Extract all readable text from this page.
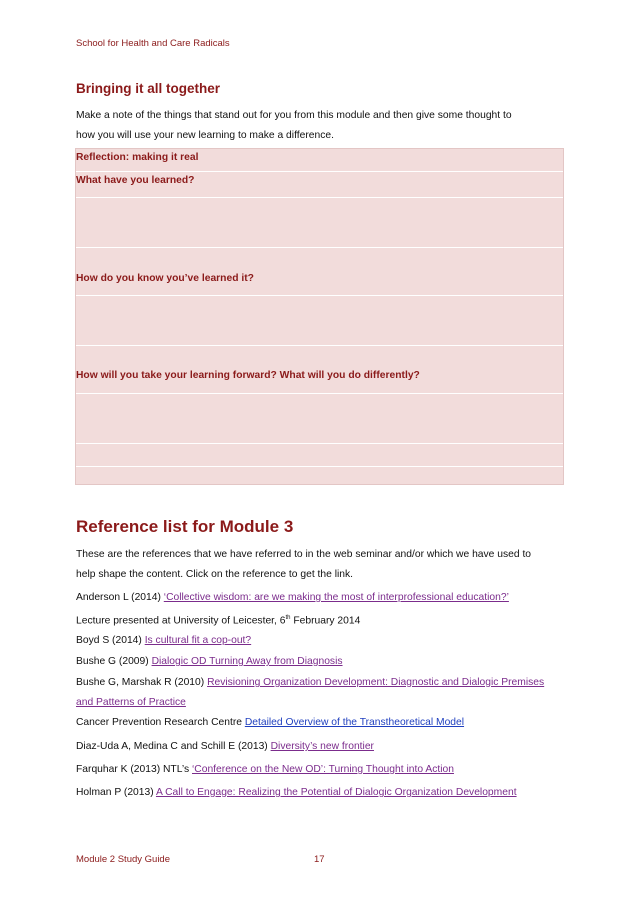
School for Health and Care Radicals
Bringing it all together
Make a note of the things that stand out for you from this module and then give some thought to
how you will use your new learning to make a difference.
Reflection: making it real
What have you learned?
How do you know you’ve learned it?
How will you take your learning forward? What will you do differently?
Reference list for Module 3
These are the references that we have referred to in the web seminar and/or which we have used to
help shape the content. Click on the reference to get the link.
Anderson L (2014) ‘Collective wisdom: are we making the most of interprofessional education?’
Lecture presented at University of Leicester, 6th February 2014
Boyd S (2014) Is cultural fit a cop-out?
Bushe G (2009) Dialogic OD Turning Away from Diagnosis
Bushe G, Marshak R (2010) Revisioning Organization Development: Diagnostic and Dialogic Premises
and Patterns of Practice
Cancer Prevention Research Centre Detailed Overview of the Transtheoretical Model
Diaz-Uda A, Medina C and Schill E (2013) Diversity’s new frontier
Farquhar K (2013) NTL’s ‘Conference on the New OD’: Turning Thought into Action
Holman P (2013) A Call to Engage: Realizing the Potential of Dialogic Organization Development
Module 2 Study Guide	17
